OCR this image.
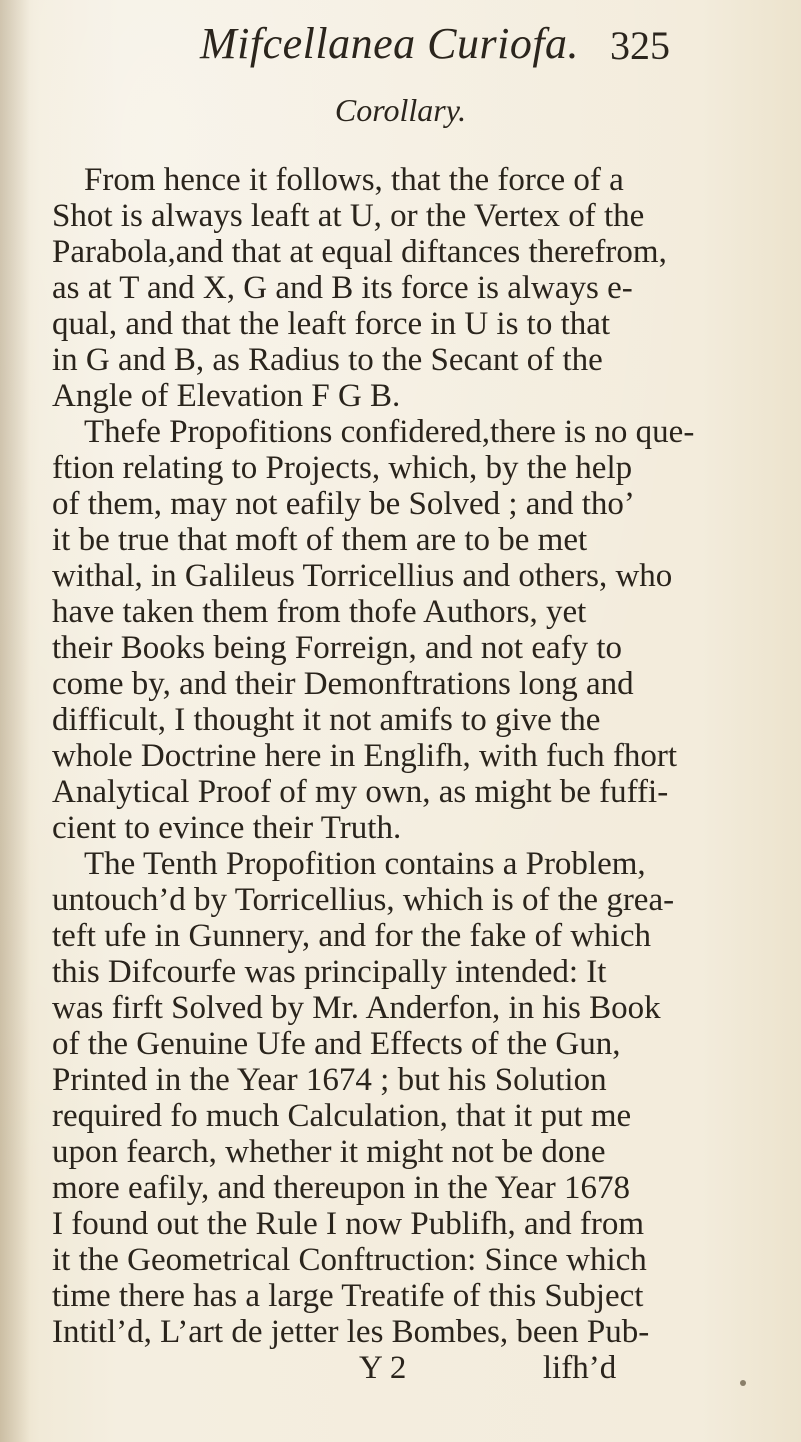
Mifcellanea Curiofa. 325
Corollary.
From hence it follows, that the force of a
Shot is always leaft at U, or the Vertex of the
Parabola,and that at equal diftances therefrom,
as at T and X, G and B its force is always e-
qual, and that the leaft force in U is to that
in G and B, as Radius to the Secant of the
Angle of Elevation F G B.
Thefe Propofitions confidered,there is no que-
ftion relating to Projects, which, by the help
of them, may not eafily be Solved ; and tho’
it be true that moft of them are to be met
withal, in Galileus Torricellius and others, who
have taken them from thofe Authors, yet
their Books being Forreign, and not eafy to
come by, and their Demonftrations long and
difficult, I thought it not amifs to give the
whole Doctrine here in Englifh, with fuch fhort
Analytical Proof of my own, as might be fuffi-
cient to evince their Truth.
The Tenth Propofition contains a Problem,
untouch’d by Torricellius, which is of the grea-
teft ufe in Gunnery, and for the fake of which
this Difcourfe was principally intended: It
was firft Solved by Mr. Anderfon, in his Book
of the Genuine Ufe and Effects of the Gun,
Printed in the Year 1674 ; but his Solution
required fo much Calculation, that it put me
upon fearch, whether it might not be done
more eafily, and thereupon in the Year 1678
I found out the Rule I now Publifh, and from
it the Geometrical Conftruction: Since which
time there has a large Treatife of this Subject
Intitl’d, L’art de jetter les Bombes, been Pub-
Y 2	lifh’d
